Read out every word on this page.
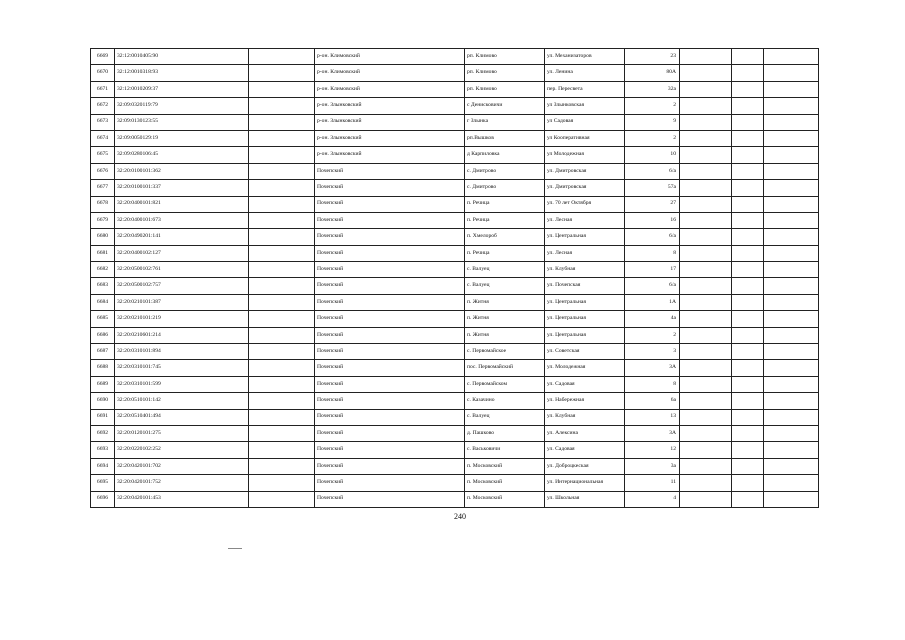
6669	32:12:0010405:90		р-он. Климовский	рп. Климово	ул. Механизаторов	23			
6670	32:12:0010318:93		р-он. Климовский	рп. Климово	ул. Ленина	80А			
6671	32:12:0010209:37		р-он. Климовский	рп. Климово	пер. Пересвета	32а			
6672	32:09:0320119:79		р-он. Злынковский	с Денисковичи	ул Злынковская	2			
6673	32:09:0130123:55		р-он. Злынковский	г Злынка	ул Садовая	9			
6674	32:09:0050129:19		р-он. Злынковский	рп.Вышков	ул Кооперативная	2			
6675	32:09:0280106:45		р-он. Злынковский	д Карпиловка	ул Молодежная	10			
6676	32:20:0100101:362		Почепский	с. Дмитрово	ул. Дмитровская	6/а			
6677	32:20:0100101:337		Почепский	с. Дмитрово	ул. Дмитровская	57а			
6678	32:20:0400101:821		Почепский	п. Речица	ул. 70 лет Октября	27			
6679	32:20:0400101:673		Почепский	п. Речица	ул. Лесная	16			
6680	32:20:0490201:141		Почепский	п. Хмелороб	ул. Центральная	6/а			
6681	32:20:0400102:127		Почепский	п. Речица	ул. Лесная	8			
6682	32:20:0500102:761		Почепский	с. Валуец	ул. Клубная	17			
6683	32:20:0500102:757		Почепский	с. Валуец	ул. Почепская	6/а			
6684	32:20:0210101:387		Почепский	п. Житня	ул. Центральная	1А			
6685	32:20:0210101:219		Почепский	п. Житня	ул. Центральная	4а			
6686	32:20:0210601:214		Почепский	п. Житня	ул. Центральная	2			
6687	32:20:0310101:894		Почепский	с. Первомайское	ул. Советская	3			
6688	32:20:0310101:745		Почепский	пос. Первомайский	ул. Молодежная	3А			
6689	32:20:0310101:599		Почепский	с. Первомайском	ул. Садовая	8			
6690	32:20:0510101:142		Почепский	с. Казачино	ул. Набережная	6а			
6691	32:20:0510401:494		Почепский	с. Валуец	ул. Клубная	13			
6692	32:20:0120101:275		Почепский	д. Пашково	ул. Алексина	3А			
6693	32:20:0220102:252		Почепский	с. Васьковичи	ул. Садовая	12			
6694	32:20:0420101:702		Почепский	п. Московский	ул. Доброцкеская	3а			
6695	32:20:0420101:752		Почепский	п. Московский	ул. Интернациональная	11			
6696	32:20:0420101:453		Почепский	п. Московский	ул. Школьная	4			
240
